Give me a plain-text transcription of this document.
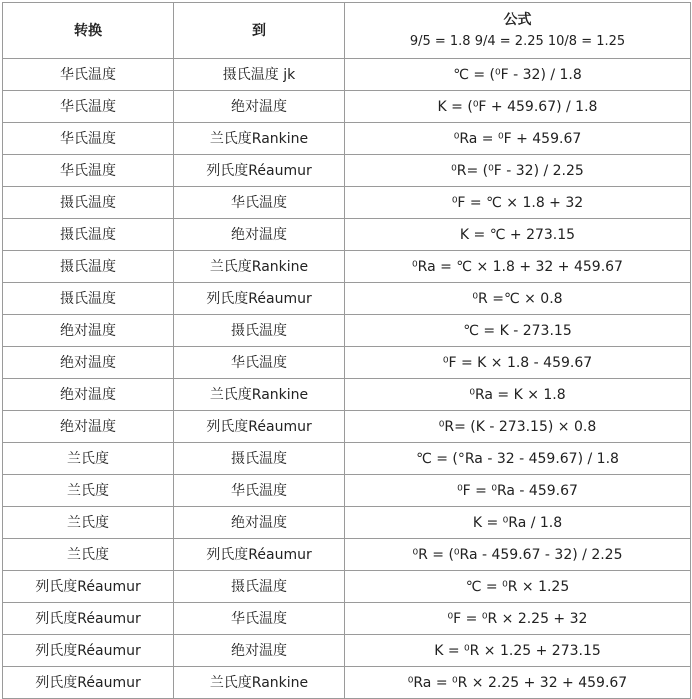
转换	到	公式
9/5 = 1.8 9/4 = 2.25 10/8 = 1.25

华氏温度	摄氏温度 jk	℃ = (⁰F - 32) / 1.8
华氏温度	绝对温度	K = (⁰F + 459.67) / 1.8
华氏温度	兰氏度Rankine	⁰Ra = ⁰F + 459.67
华氏温度	列氏度Réaumur	⁰R= (⁰F - 32) / 2.25
摄氏温度	华氏温度	⁰F = ℃ × 1.8 + 32
摄氏温度	绝对温度	K = ℃ + 273.15
摄氏温度	兰氏度Rankine	⁰Ra = ℃ × 1.8 + 32 + 459.67
摄氏温度	列氏度Réaumur	⁰R =℃ × 0.8
绝对温度	摄氏温度	℃ = K - 273.15
绝对温度	华氏温度	⁰F = K × 1.8 - 459.67
绝对温度	兰氏度Rankine	⁰Ra = K × 1.8
绝对温度	列氏度Réaumur	⁰R= (K - 273.15) × 0.8
兰氏度	摄氏温度	℃ = (°Ra - 32 - 459.67) / 1.8
兰氏度	华氏温度	⁰F = ⁰Ra - 459.67
兰氏度	绝对温度	K = ⁰Ra / 1.8
兰氏度	列氏度Réaumur	⁰R = (⁰Ra - 459.67 - 32) / 2.25
列氏度Réaumur	摄氏温度	℃ = ⁰R × 1.25
列氏度Réaumur	华氏温度	⁰F = ⁰R × 2.25 + 32
列氏度Réaumur	绝对温度	K = ⁰R × 1.25 + 273.15
列氏度Réaumur	兰氏度Rankine	⁰Ra = ⁰R × 2.25 + 32 + 459.67
